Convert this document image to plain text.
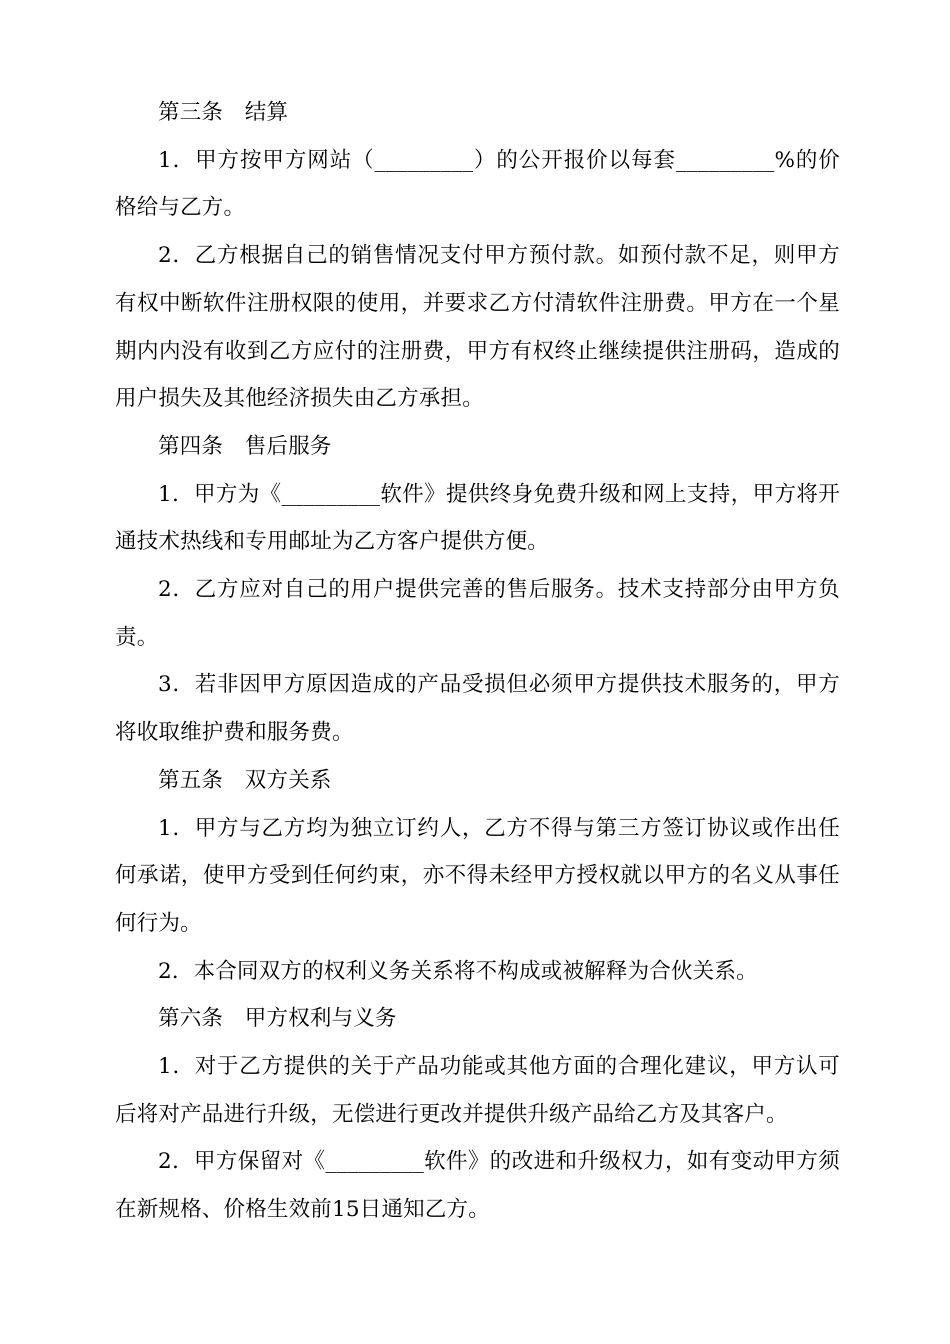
第三条　结算

1．甲方按甲方网站（_________）的公开报价以每套_________%的价格给与乙方。

2．乙方根据自己的销售情况支付甲方预付款。如预付款不足，则甲方有权中断软件注册权限的使用，并要求乙方付清软件注册费。甲方在一个星期内内没有收到乙方应付的注册费，甲方有权终止继续提供注册码，造成的用户损失及其他经济损失由乙方承担。

第四条　售后服务

1．甲方为《_________软件》提供终身免费升级和网上支持，甲方将开通技术热线和专用邮址为乙方客户提供方便。

2．乙方应对自己的用户提供完善的售后服务。技术支持部分由甲方负责。

3．若非因甲方原因造成的产品受损但必须甲方提供技术服务的，甲方将收取维护费和服务费。

第五条　双方关系

1．甲方与乙方均为独立订约人，乙方不得与第三方签订协议或作出任何承诺，使甲方受到任何约束，亦不得未经甲方授权就以甲方的名义从事任何行为。

2．本合同双方的权利义务关系将不构成或被解释为合伙关系。

第六条　甲方权利与义务

1．对于乙方提供的关于产品功能或其他方面的合理化建议，甲方认可后将对产品进行升级，无偿进行更改并提供升级产品给乙方及其客户。

2．甲方保留对《_________软件》的改进和升级权力，如有变动甲方须在新规格、价格生效前15日通知乙方。
